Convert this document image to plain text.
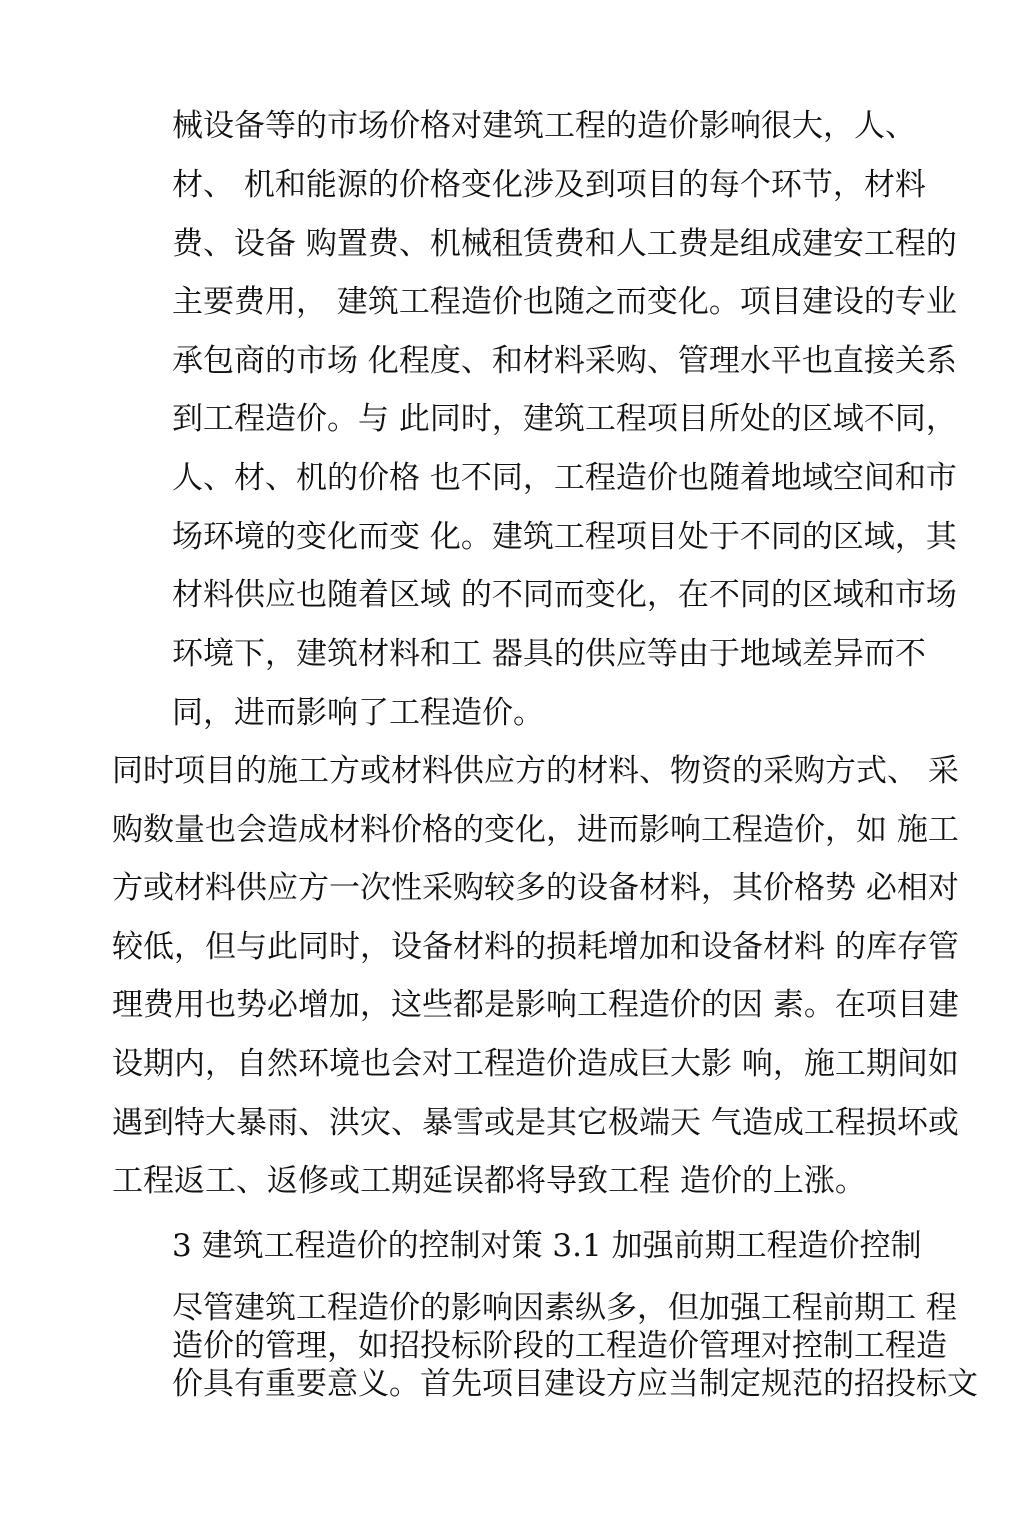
械设备等的市场价格对建筑工程的造价影响很大，人、
材、 机和能源的价格变化涉及到项目的每个环节，材料
费、设备 购置费、机械租赁费和人工费是组成建安工程的
主要费用， 建筑工程造价也随之而变化。项目建设的专业
承包商的市场 化程度、和材料采购、管理水平也直接关系
到工程造价。与 此同时，建筑工程项目所处的区域不同，
人、材、机的价格 也不同，工程造价也随着地域空间和市
场环境的变化而变 化。建筑工程项目处于不同的区域，其
材料供应也随着区域 的不同而变化，在不同的区域和市场
环境下，建筑材料和工 器具的供应等由于地域差异而不
同，进而影响了工程造价。
同时项目的施工方或材料供应方的材料、物资的采购方式、 采
购数量也会造成材料价格的变化，进而影响工程造价，如 施工
方或材料供应方一次性采购较多的设备材料，其价格势 必相对
较低，但与此同时，设备材料的损耗增加和设备材料 的库存管
理费用也势必增加，这些都是影响工程造价的因 素。在项目建
设期内，自然环境也会对工程造价造成巨大影 响，施工期间如
遇到特大暴雨、洪灾、暴雪或是其它极端天 气造成工程损坏或
工程返工、返修或工期延误都将导致工程 造价的上涨。
3 建筑工程造价的控制对策 3.1 加强前期工程造价控制
尽管建筑工程造价的影响因素纵多，但加强工程前期工 程
造价的管理，如招投标阶段的工程造价管理对控制工程造
价具有重要意义。首先项目建设方应当制定规范的招投标文
